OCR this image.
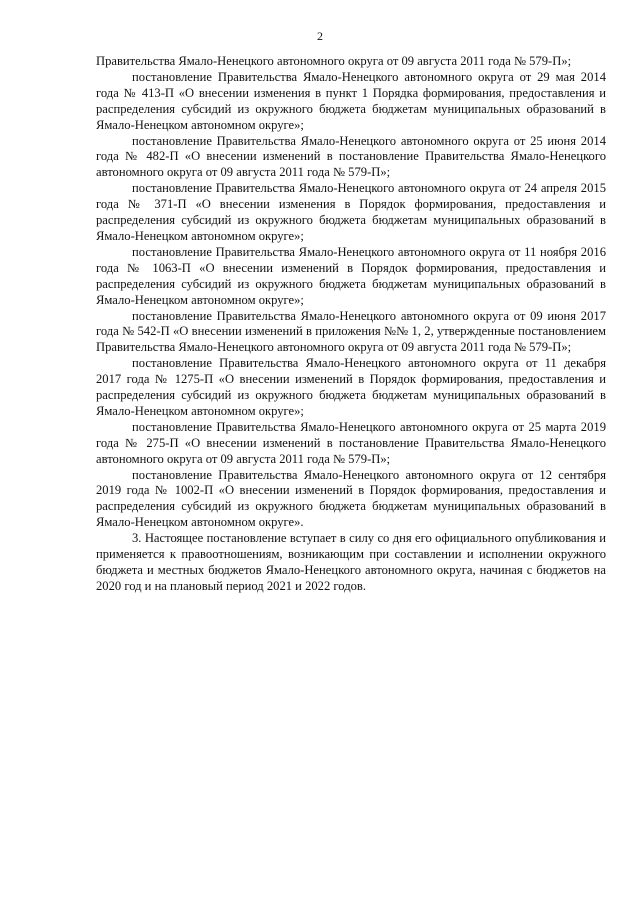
2

Правительства Ямало-Ненецкого автономного округа от 09 августа 2011 года № 579-П»;

постановление Правительства Ямало-Ненецкого автономного округа от 29 мая 2014 года № 413-П «О внесении изменения в пункт 1 Порядка формирования, предоставления и распределения субсидий из окружного бюджета бюджетам муниципальных образований в Ямало-Ненецком автономном округе»;

постановление Правительства Ямало-Ненецкого автономного округа от 25 июня 2014 года № 482-П «О внесении изменений в постановление Правительства Ямало-Ненецкого автономного округа от 09 августа 2011 года № 579-П»;

постановление Правительства Ямало-Ненецкого автономного округа от 24 апреля 2015 года № 371-П «О внесении изменения в Порядок формирования, предоставления и распределения субсидий из окружного бюджета бюджетам муниципальных образований в Ямало-Ненецком автономном округе»;

постановление Правительства Ямало-Ненецкого автономного округа от 11 ноября 2016 года № 1063-П «О внесении изменений в Порядок формирования, предоставления и распределения субсидий из окружного бюджета бюджетам муниципальных образований в Ямало-Ненецком автономном округе»;

постановление Правительства Ямало-Ненецкого автономного округа от 09 июня 2017 года № 542-П «О внесении изменений в приложения №№ 1, 2, утвержденные постановлением Правительства Ямало-Ненецкого автономного округа от 09 августа 2011 года № 579-П»;

постановление Правительства Ямало-Ненецкого автономного округа от 11 декабря 2017 года № 1275-П «О внесении изменений в Порядок формирования, предоставления и распределения субсидий из окружного бюджета бюджетам муниципальных образований в Ямало-Ненецком автономном округе»;

постановление Правительства Ямало-Ненецкого автономного округа от 25 марта 2019 года № 275-П «О внесении изменений в постановление Правительства Ямало-Ненецкого автономного округа от 09 августа 2011 года № 579-П»;

постановление Правительства Ямало-Ненецкого автономного округа от 12 сентября 2019 года № 1002-П «О внесении изменений в Порядок формирования, предоставления и распределения субсидий из окружного бюджета бюджетам муниципальных образований в Ямало-Ненецком автономном округе».

3. Настоящее постановление вступает в силу со дня его официального опубликования и применяется к правоотношениям, возникающим при составлении и исполнении окружного бюджета и местных бюджетов Ямало-Ненецкого автономного округа, начиная с бюджетов на 2020 год и на плановый период 2021 и 2022 годов.
